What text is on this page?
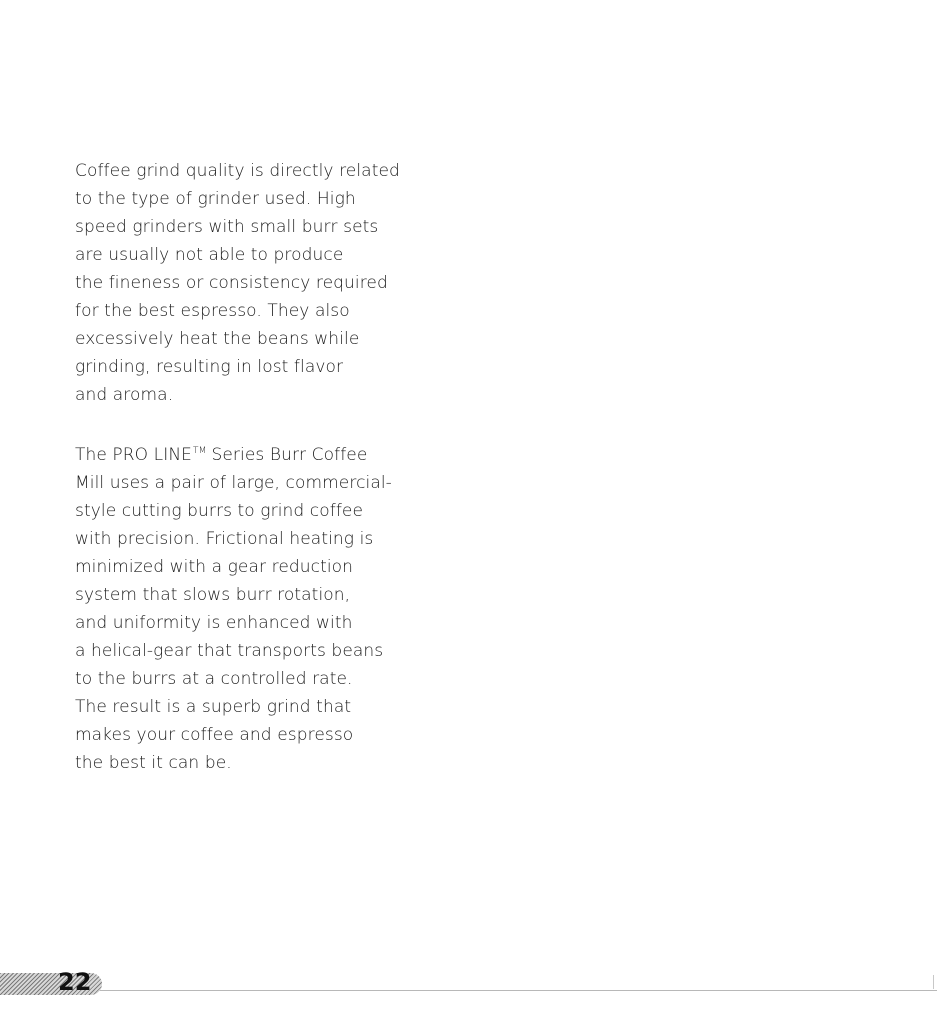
Coffee grind quality is directly related
to the type of grinder used. High
speed grinders with small burr sets
are usually not able to produce
the fineness or consistency required
for the best espresso. They also
excessively heat the beans while
grinding, resulting in lost flavor
and aroma.
The PRO LINE™ Series Burr Coffee
Mill uses a pair of large, commercial-
style cutting burrs to grind coffee
with precision. Frictional heating is
minimized with a gear reduction
system that slows burr rotation,
and uniformity is enhanced with
a helical-gear that transports beans
to the burrs at a controlled rate.
The result is a superb grind that
makes your coffee and espresso
the best it can be.
22
